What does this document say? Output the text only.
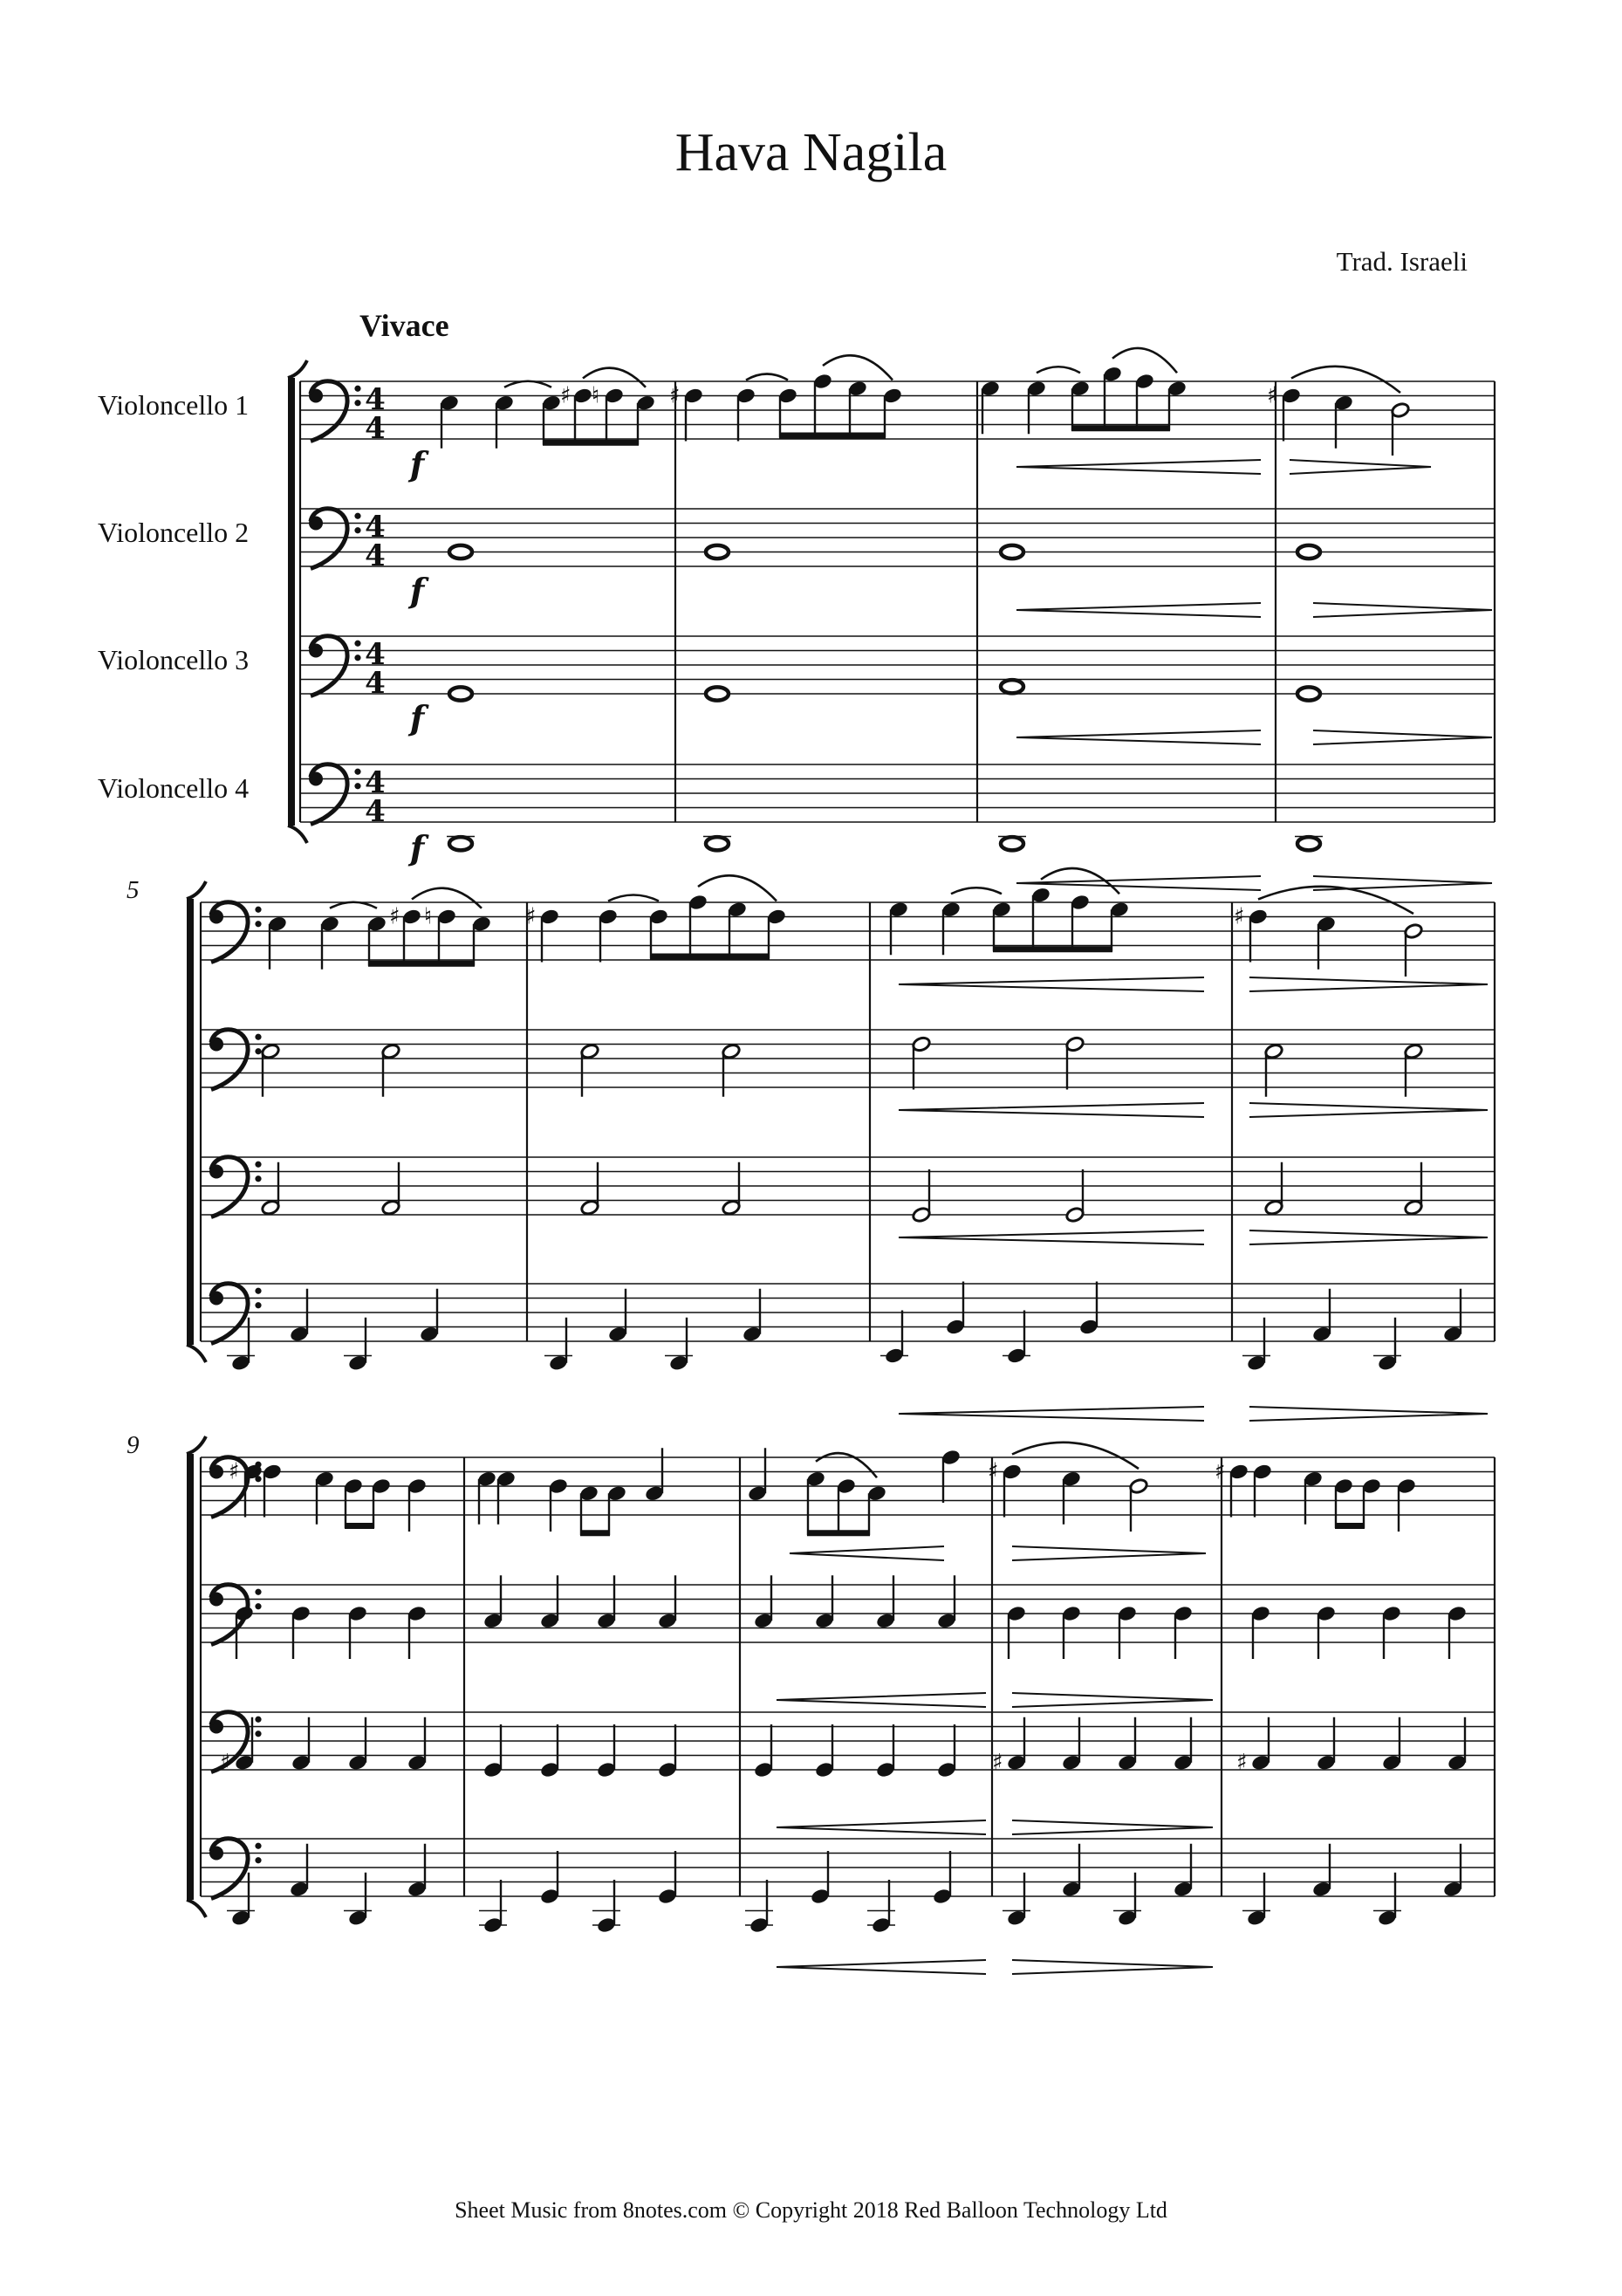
Hava Nagila
Trad. Israeli
Vivace
Violoncello 1
Violoncello 2
Violoncello 3
Violoncello 4
5
9
4
4
4
4
4
4
4
4
f
f
f
f
♯ ♮	♯	♯
♯ ♮	♯	♯
♯	♯	♯
♯	♯	♯
Sheet Music from 8notes.com © Copyright 2018 Red Balloon Technology Ltd
